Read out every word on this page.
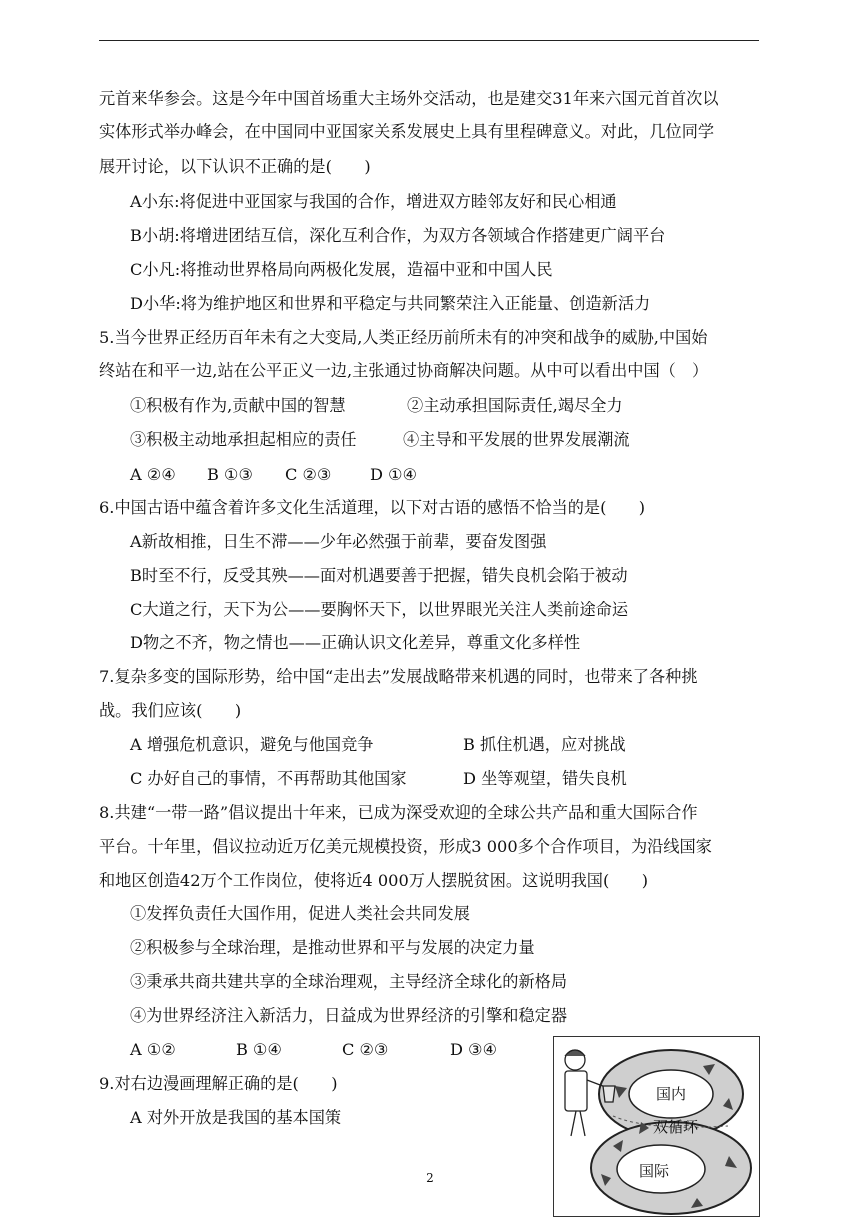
元首来华参会。这是今年中国首场重大主场外交活动，也是建交31年来六国元首首次以
实体形式举办峰会，在中国同中亚国家关系发展史上具有里程碑意义。对此，几位同学
展开讨论，以下认识不正确的是(　　)
A小东:将促进中亚国家与我国的合作，增进双方睦邻友好和民心相通
B小胡:将增进团结互信，深化互利合作，为双方各领域合作搭建更广阔平台
C小凡:将推动世界格局向两极化发展，造福中亚和中国人民
D小华:将为维护地区和世界和平稳定与共同繁荣注入正能量、创造新活力
5.当今世界正经历百年未有之大变局,人类正经历前所未有的冲突和战争的威胁,中国始
终站在和平一边,站在公平正义一边,主张通过协商解决问题。从中可以看出中国（　）
①积极有作为,贡献中国的智慧	②主动承担国际责任,竭尽全力
③积极主动地承担起相应的责任	④主导和平发展的世界发展潮流
A ②④ B ①③ C ②③ D ①④
6.中国古语中蕴含着许多文化生活道理，以下对古语的感悟不恰当的是(　　)
A新故相推，日生不滞——少年必然强于前辈，要奋发图强
B时至不行，反受其殃——面对机遇要善于把握，错失良机会陷于被动
C大道之行，天下为公——要胸怀天下，以世界眼光关注人类前途命运
D物之不齐，物之情也——正确认识文化差异，尊重文化多样性
7.复杂多变的国际形势，给中国“走出去”发展战略带来机遇的同时，也带来了各种挑
战。我们应该(　　)
A 增强危机意识，避免与他国竞争	B 抓住机遇，应对挑战
C 办好自己的事情，不再帮助其他国家	D 坐等观望，错失良机
8.共建“一带一路”倡议提出十年来，已成为深受欢迎的全球公共产品和重大国际合作
平台。十年里，倡议拉动近万亿美元规模投资，形成3 000多个合作项目，为沿线国家
和地区创造42万个工作岗位，使将近4 000万人摆脱贫困。这说明我国(　　)
①发挥负责任大国作用，促进人类社会共同发展
②积极参与全球治理，是推动世界和平与发展的决定力量
③秉承共商共建共享的全球治理观，主导经济全球化的新格局
④为世界经济注入新活力，日益成为世界经济的引擎和稳定器
A ①②	B ①④	C ②③	D ③④
9.对右边漫画理解正确的是(　　)
A 对外开放是我国的基本国策
2
国内
双循环
国际
